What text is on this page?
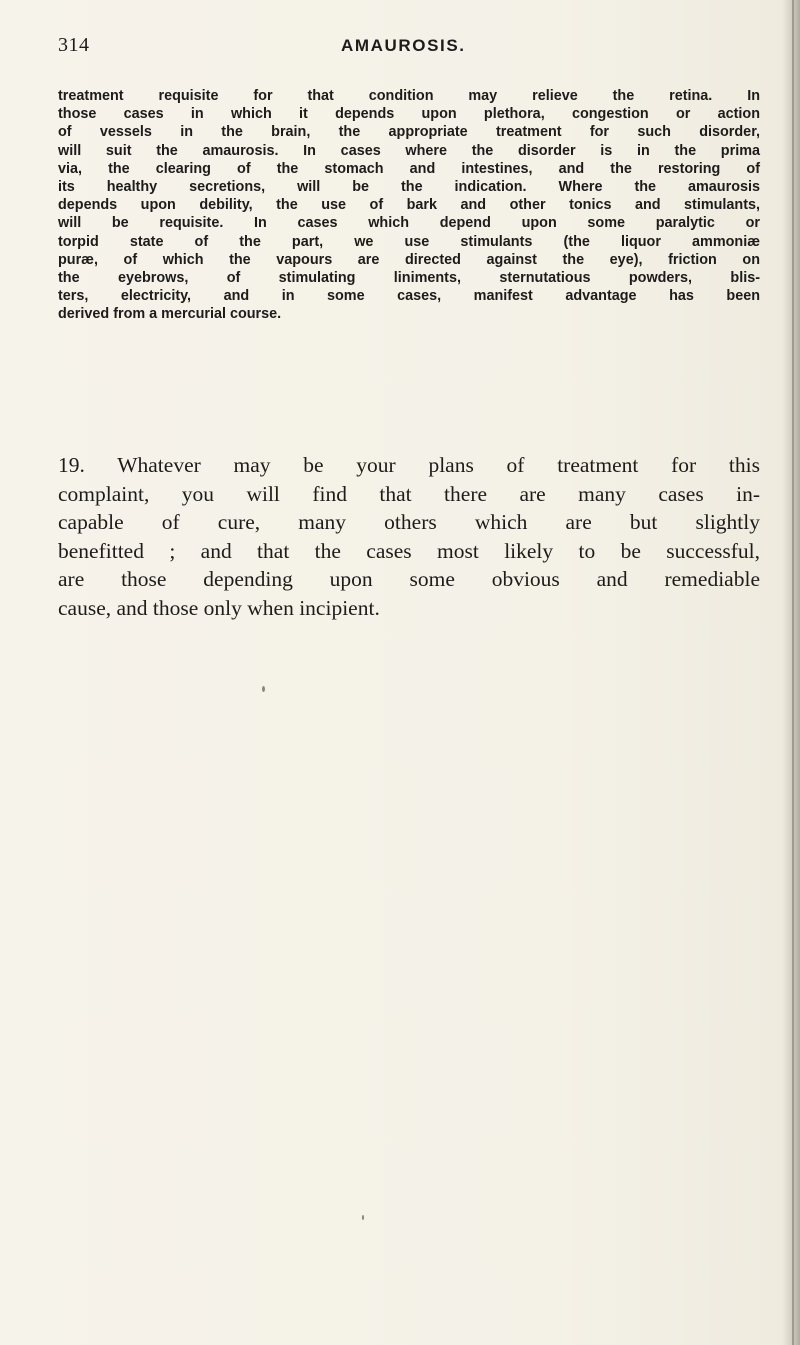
314	AMAUROSIS.
treatment requisite for that condition may relieve the retina. In
those cases in which it depends upon plethora, congestion or action
of vessels in the brain, the appropriate treatment for such disorder,
will suit the amaurosis. In cases where the disorder is in the prima
via, the clearing of the stomach and intestines, and the restoring of
its healthy secretions, will be the indication. Where the amaurosis
depends upon debility, the use of bark and other tonics and stimulants,
will be requisite. In cases which depend upon some paralytic or
torpid state of the part, we use stimulants (the liquor ammoniæ
puræ, of which the vapours are directed against the eye), friction on
the eyebrows, of stimulating liniments, sternutatious powders, blis-
ters, electricity, and in some cases, manifest advantage has been
derived from a mercurial course.
19. Whatever may be your plans of treatment for this
complaint, you will find that there are many cases in-
capable of cure, many others which are but slightly
benefitted ; and that the cases most likely to be successful,
are those depending upon some obvious and remediable
cause, and those only when incipient.
